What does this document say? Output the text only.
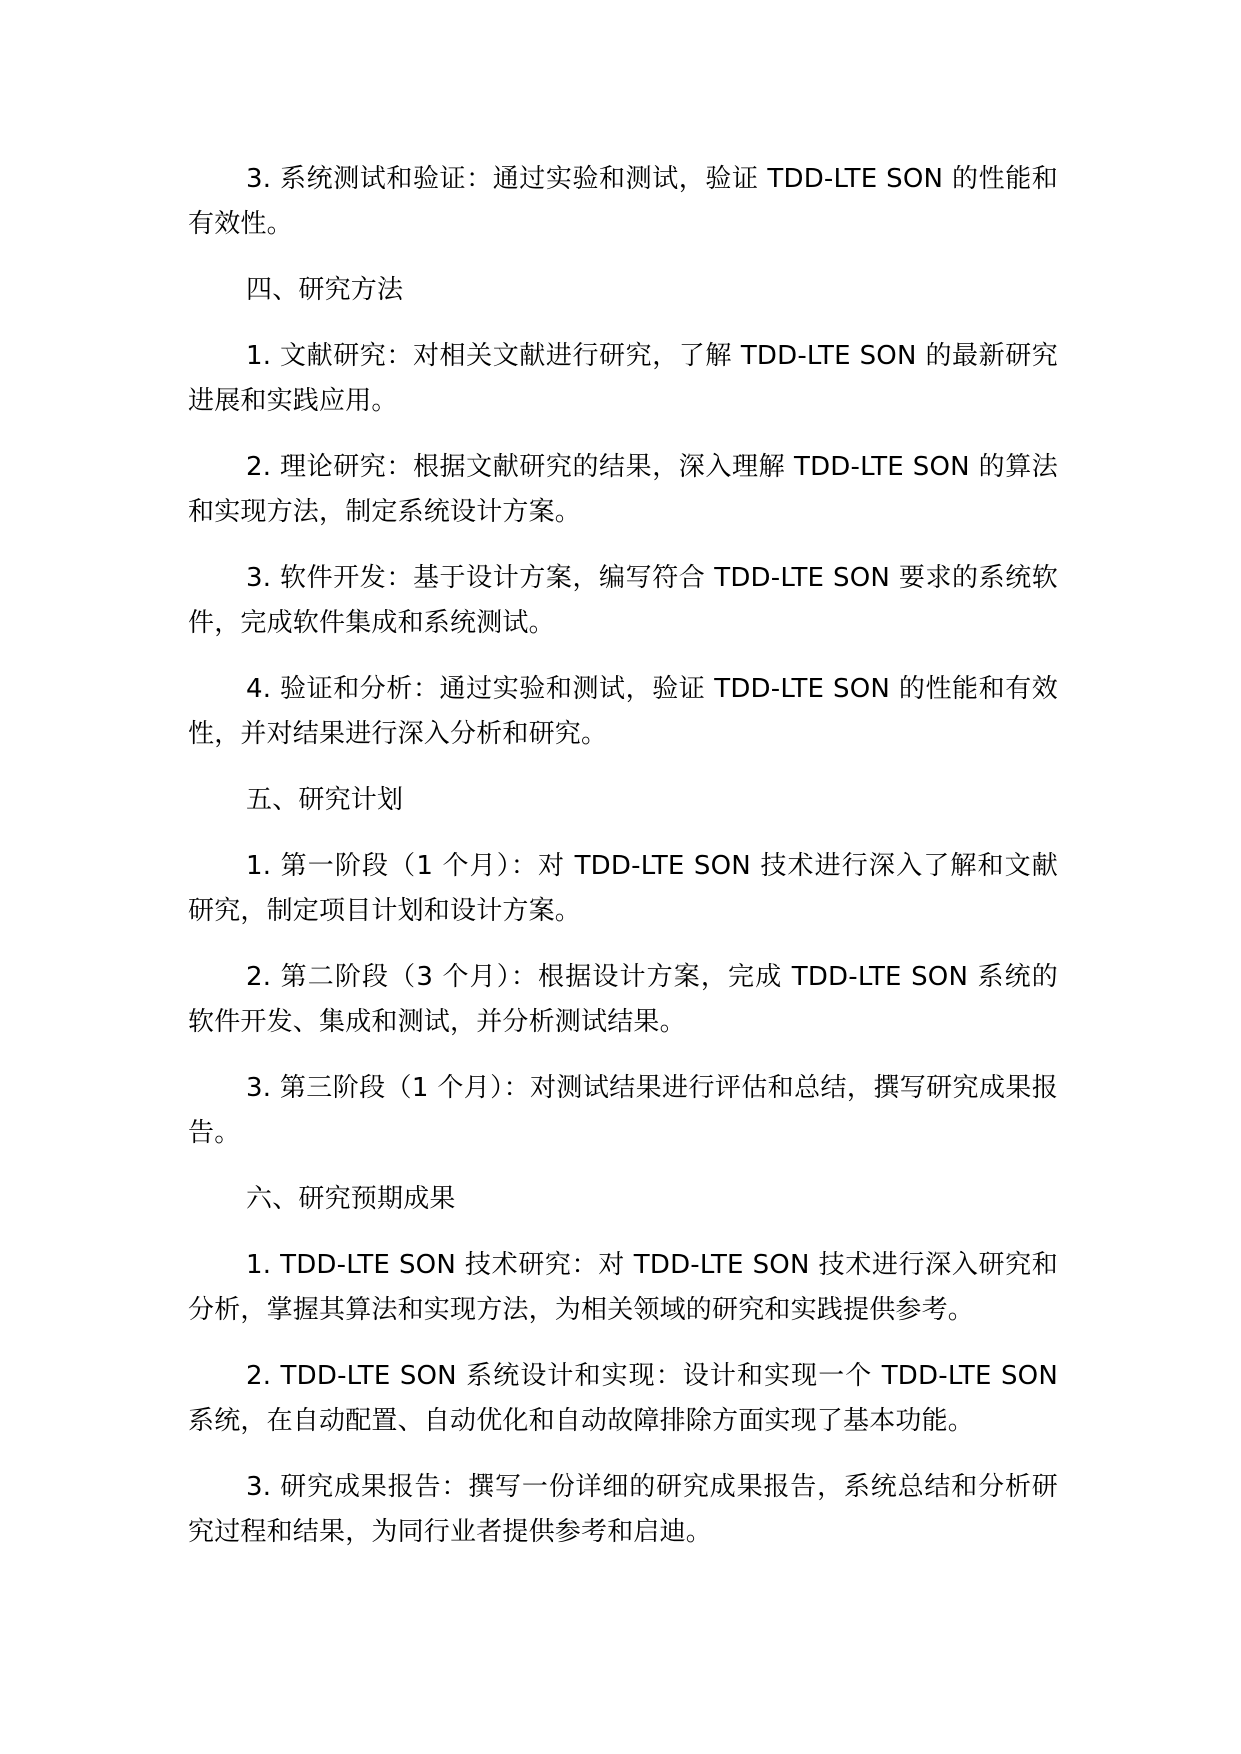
3. 系统测试和验证：通过实验和测试，验证 TDD-LTE SON 的性能和有效性。

四、研究方法

1. 文献研究：对相关文献进行研究，了解 TDD-LTE SON 的最新研究进展和实践应用。

2. 理论研究：根据文献研究的结果，深入理解 TDD-LTE SON 的算法和实现方法，制定系统设计方案。

3. 软件开发：基于设计方案，编写符合 TDD-LTE SON 要求的系统软件，完成软件集成和系统测试。

4. 验证和分析：通过实验和测试，验证 TDD-LTE SON 的性能和有效性，并对结果进行深入分析和研究。

五、研究计划

1. 第一阶段（1 个月）：对 TDD-LTE SON 技术进行深入了解和文献研究，制定项目计划和设计方案。

2. 第二阶段（3 个月）：根据设计方案，完成 TDD-LTE SON 系统的软件开发、集成和测试，并分析测试结果。

3. 第三阶段（1 个月）：对测试结果进行评估和总结，撰写研究成果报告。

六、研究预期成果

1. TDD-LTE SON 技术研究：对 TDD-LTE SON 技术进行深入研究和分析，掌握其算法和实现方法，为相关领域的研究和实践提供参考。

2. TDD-LTE SON 系统设计和实现：设计和实现一个 TDD-LTE SON 系统，在自动配置、自动优化和自动故障排除方面实现了基本功能。

3. 研究成果报告：撰写一份详细的研究成果报告，系统总结和分析研究过程和结果，为同行业者提供参考和启迪。
